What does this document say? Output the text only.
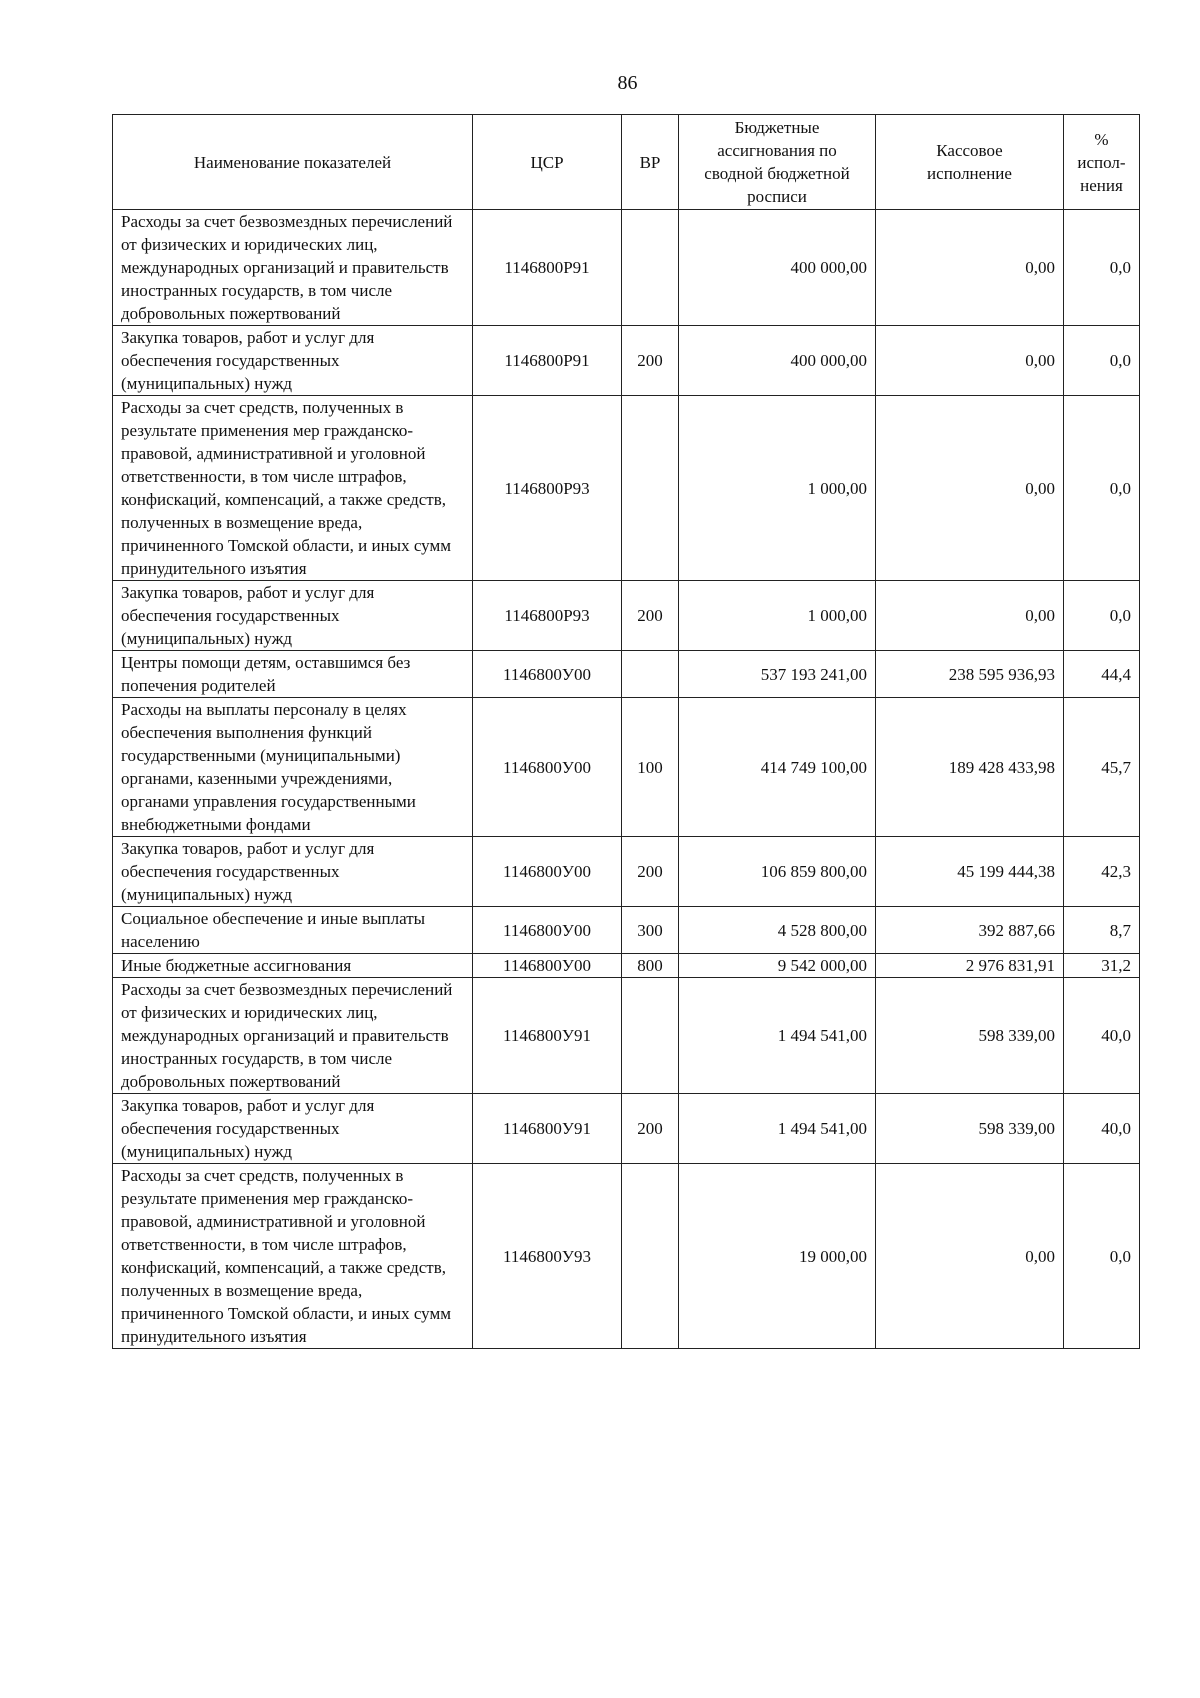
86
Наименование показателей	ЦСР	ВР	Бюджетные ассигнования по сводной бюджетной росписи	Кассовое исполнение	% испол-нения
Расходы за счет безвозмездных перечислений от физических и юридических лиц, международных организаций и правительств иностранных государств, в том числе добровольных пожертвований	1146800Р91		400 000,00	0,00	0,0
Закупка товаров, работ и услуг для обеспечения государственных (муниципальных) нужд	1146800Р91	200	400 000,00	0,00	0,0
Расходы за счет средств, полученных в результате применения мер гражданско-правовой, административной и уголовной ответственности, в том числе штрафов, конфискаций, компенсаций, а также средств, полученных в возмещение вреда, причиненного Томской области, и иных сумм принудительного изъятия	1146800Р93		1 000,00	0,00	0,0
Закупка товаров, работ и услуг для обеспечения государственных (муниципальных) нужд	1146800Р93	200	1 000,00	0,00	0,0
Центры помощи детям, оставшимся без попечения родителей	1146800У00		537 193 241,00	238 595 936,93	44,4
Расходы на выплаты персоналу в целях обеспечения выполнения функций государственными (муниципальными) органами, казенными учреждениями, органами управления государственными внебюджетными фондами	1146800У00	100	414 749 100,00	189 428 433,98	45,7
Закупка товаров, работ и услуг для обеспечения государственных (муниципальных) нужд	1146800У00	200	106 859 800,00	45 199 444,38	42,3
Социальное обеспечение и иные выплаты населению	1146800У00	300	4 528 800,00	392 887,66	8,7
Иные бюджетные ассигнования	1146800У00	800	9 542 000,00	2 976 831,91	31,2
Расходы за счет безвозмездных перечислений от физических и юридических лиц, международных организаций и правительств иностранных государств, в том числе добровольных пожертвований	1146800У91		1 494 541,00	598 339,00	40,0
Закупка товаров, работ и услуг для обеспечения государственных (муниципальных) нужд	1146800У91	200	1 494 541,00	598 339,00	40,0
Расходы за счет средств, полученных в результате применения мер гражданско-правовой, административной и уголовной ответственности, в том числе штрафов, конфискаций, компенсаций, а также средств, полученных в возмещение вреда, причиненного Томской области, и иных сумм принудительного изъятия	1146800У93		19 000,00	0,00	0,0
